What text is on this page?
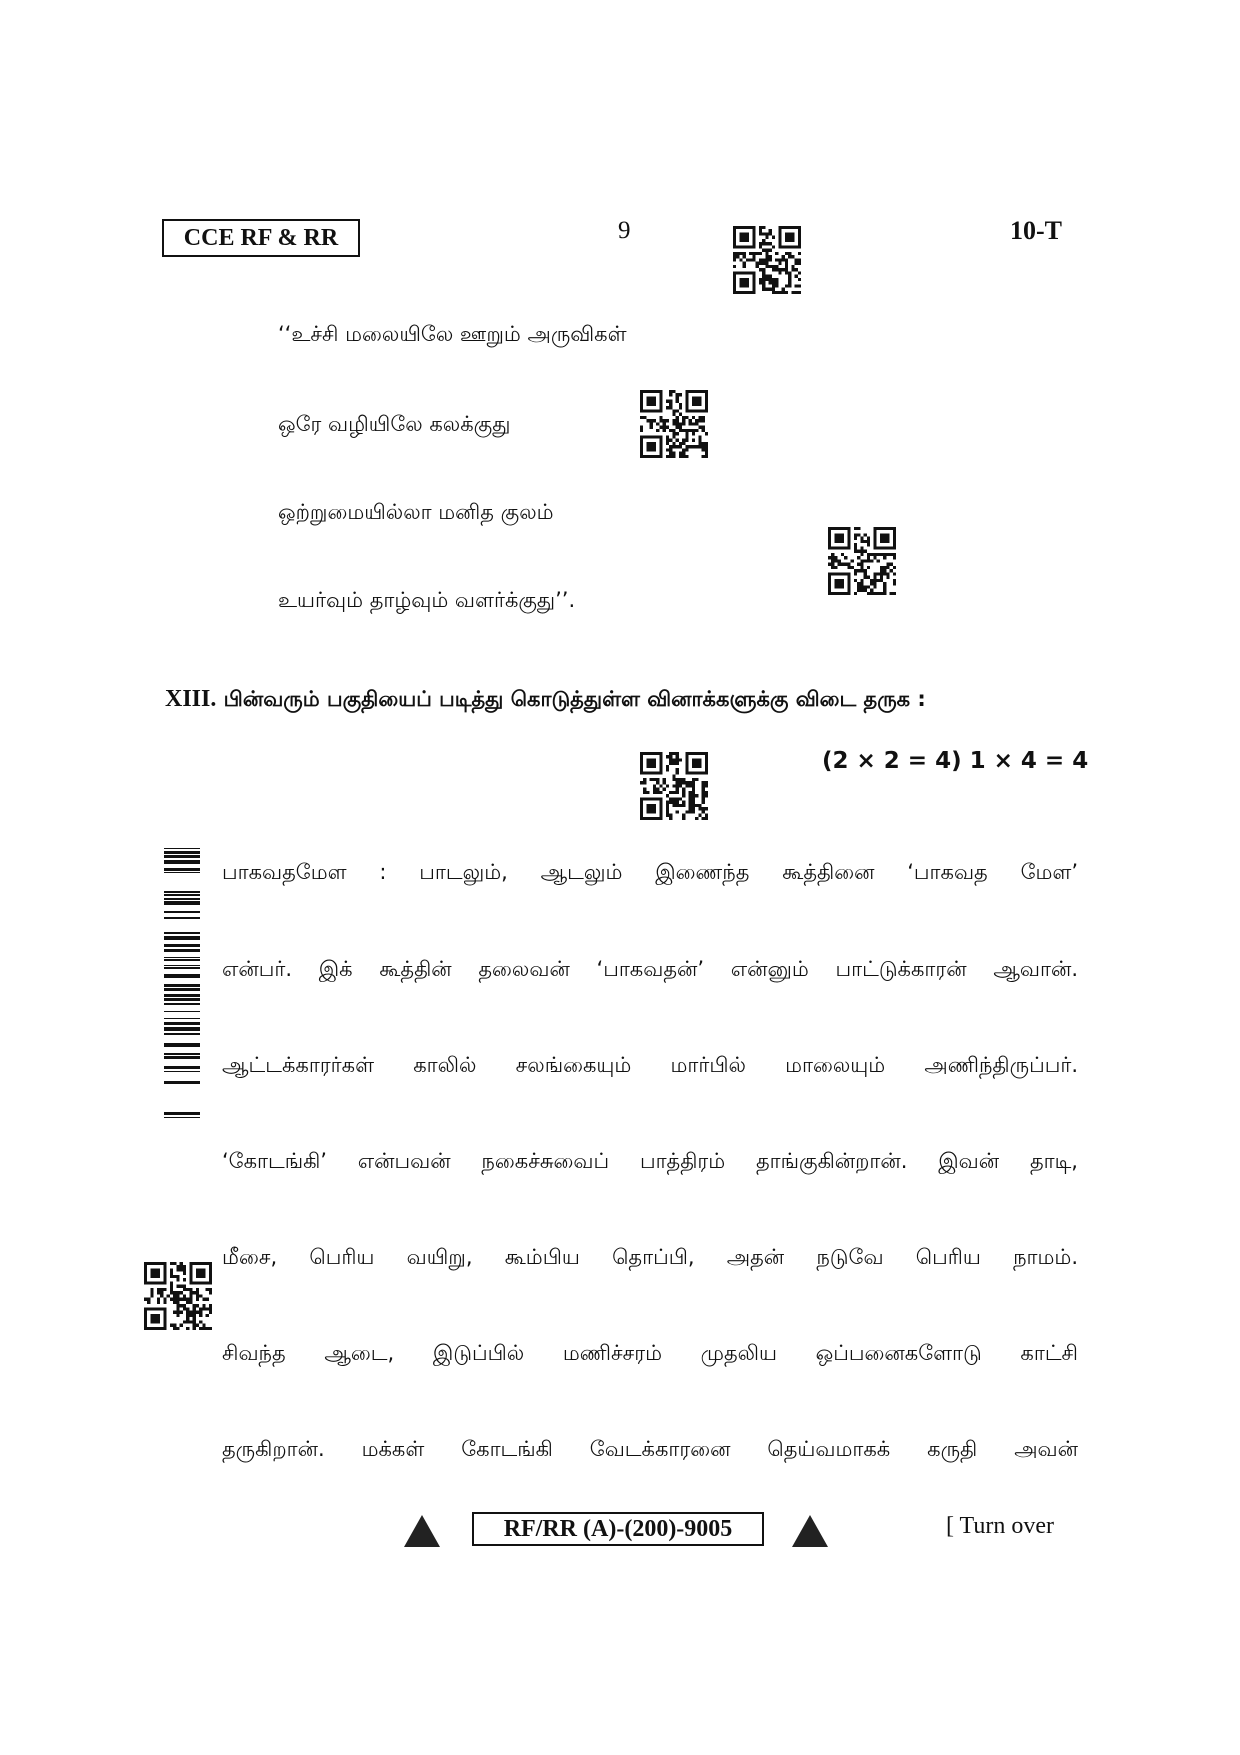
CCE RF & RR	9	10-T
‘‘உச்சி மலையிலே ஊறும் அருவிகள்
ஒரே வழியிலே கலக்குது
ஒற்றுமையில்லா மனித குலம்
உயர்வும் தாழ்வும் வளர்க்குது’’.
XIII. பின்வரும் பகுதியைப் படித்து கொடுத்துள்ள வினாக்களுக்கு விடை தருக :
(2 × 2 = 4) 1 × 4 = 4
பாகவதமேள : பாடலும், ஆடலும் இணைந்த கூத்தினை ‘பாகவத மேள’
என்பர். இக் கூத்தின் தலைவன் ‘பாகவதன்’ என்னும் பாட்டுக்காரன் ஆவான்.
ஆட்டக்காரர்கள் காலில் சலங்கையும் மார்பில் மாலையும் அணிந்திருப்பர்.
‘கோடங்கி’ என்பவன் நகைச்சுவைப் பாத்திரம் தாங்குகின்றான். இவன் தாடி,
மீசை, பெரிய வயிறு, கூம்பிய தொப்பி, அதன் நடுவே பெரிய நாமம்.
சிவந்த ஆடை, இடுப்பில் மணிச்சரம் முதலிய ஒப்பனைகளோடு காட்சி
தருகிறான். மக்கள் கோடங்கி வேடக்காரனை தெய்வமாகக் கருதி அவன்
RF/RR (A)-(200)-9005	[ Turn over
